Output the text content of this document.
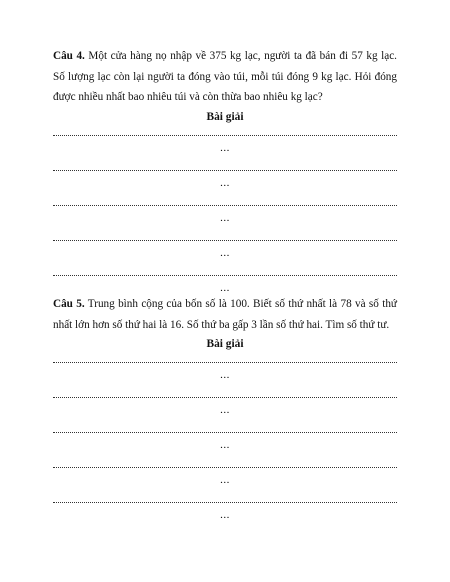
Câu 4. Một cửa hàng nọ nhập về 375 kg lạc, người ta đã bán đi 57 kg lạc. Số lượng lạc còn lại người ta đóng vào túi, mỗi túi đóng 9 kg lạc. Hỏi đóng được nhiều nhất bao nhiêu túi và còn thừa bao nhiêu kg lạc?

Bài giải
...
...
...
...
...

Câu 5. Trung bình cộng của bốn số là 100. Biết số thứ nhất là 78 và số thứ nhất lớn hơn số thứ hai là 16. Số thứ ba gấp 3 lần số thứ hai. Tìm số thứ tư.

Bài giải
...
...
...
...
...
